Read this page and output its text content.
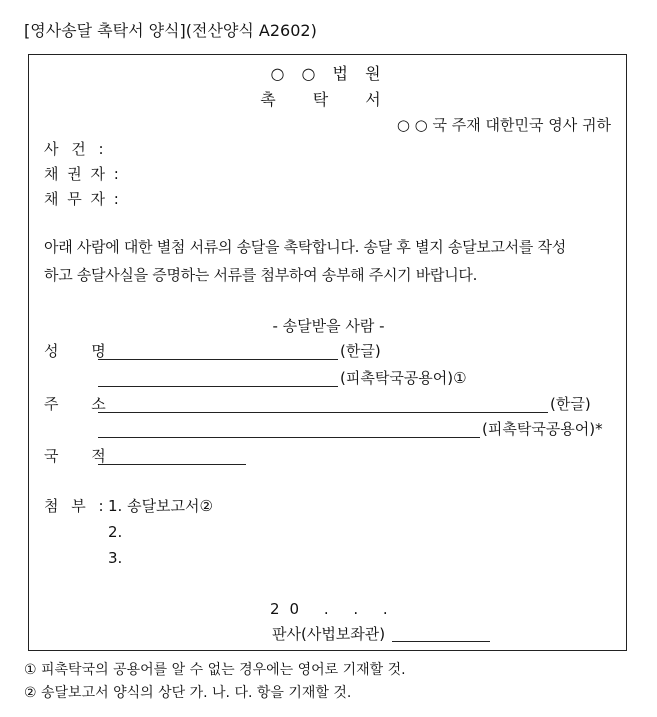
[영사송달 촉탁서 양식](전산양식 A2602)
○ ○ 법 원
촉 탁 서
○ ○ 국 주재 대한민국 영사 귀하
사 건 :
채 권 자 :
채 무 자 :
아래 사람에 대한 별첨 서류의 송달을 촉탁합니다. 송달 후 별지 송달보고서를 작성
하고 송달사실을 증명하는 서류를 첨부하여 송부해 주시기 바랍니다.
- 송달받을 사람 -
성 명	(한글)
(피촉탁국공용어)①
주 소	(한글)
(피촉탁국공용어)*
국 적
첨 부 : 1. 송달보고서②
2.
3.
20 . . .
판사(사법보좌관)
① 피촉탁국의 공용어를 알 수 없는 경우에는 영어로 기재할 것.
② 송달보고서 양식의 상단 가. 나. 다. 항을 기재할 것.
